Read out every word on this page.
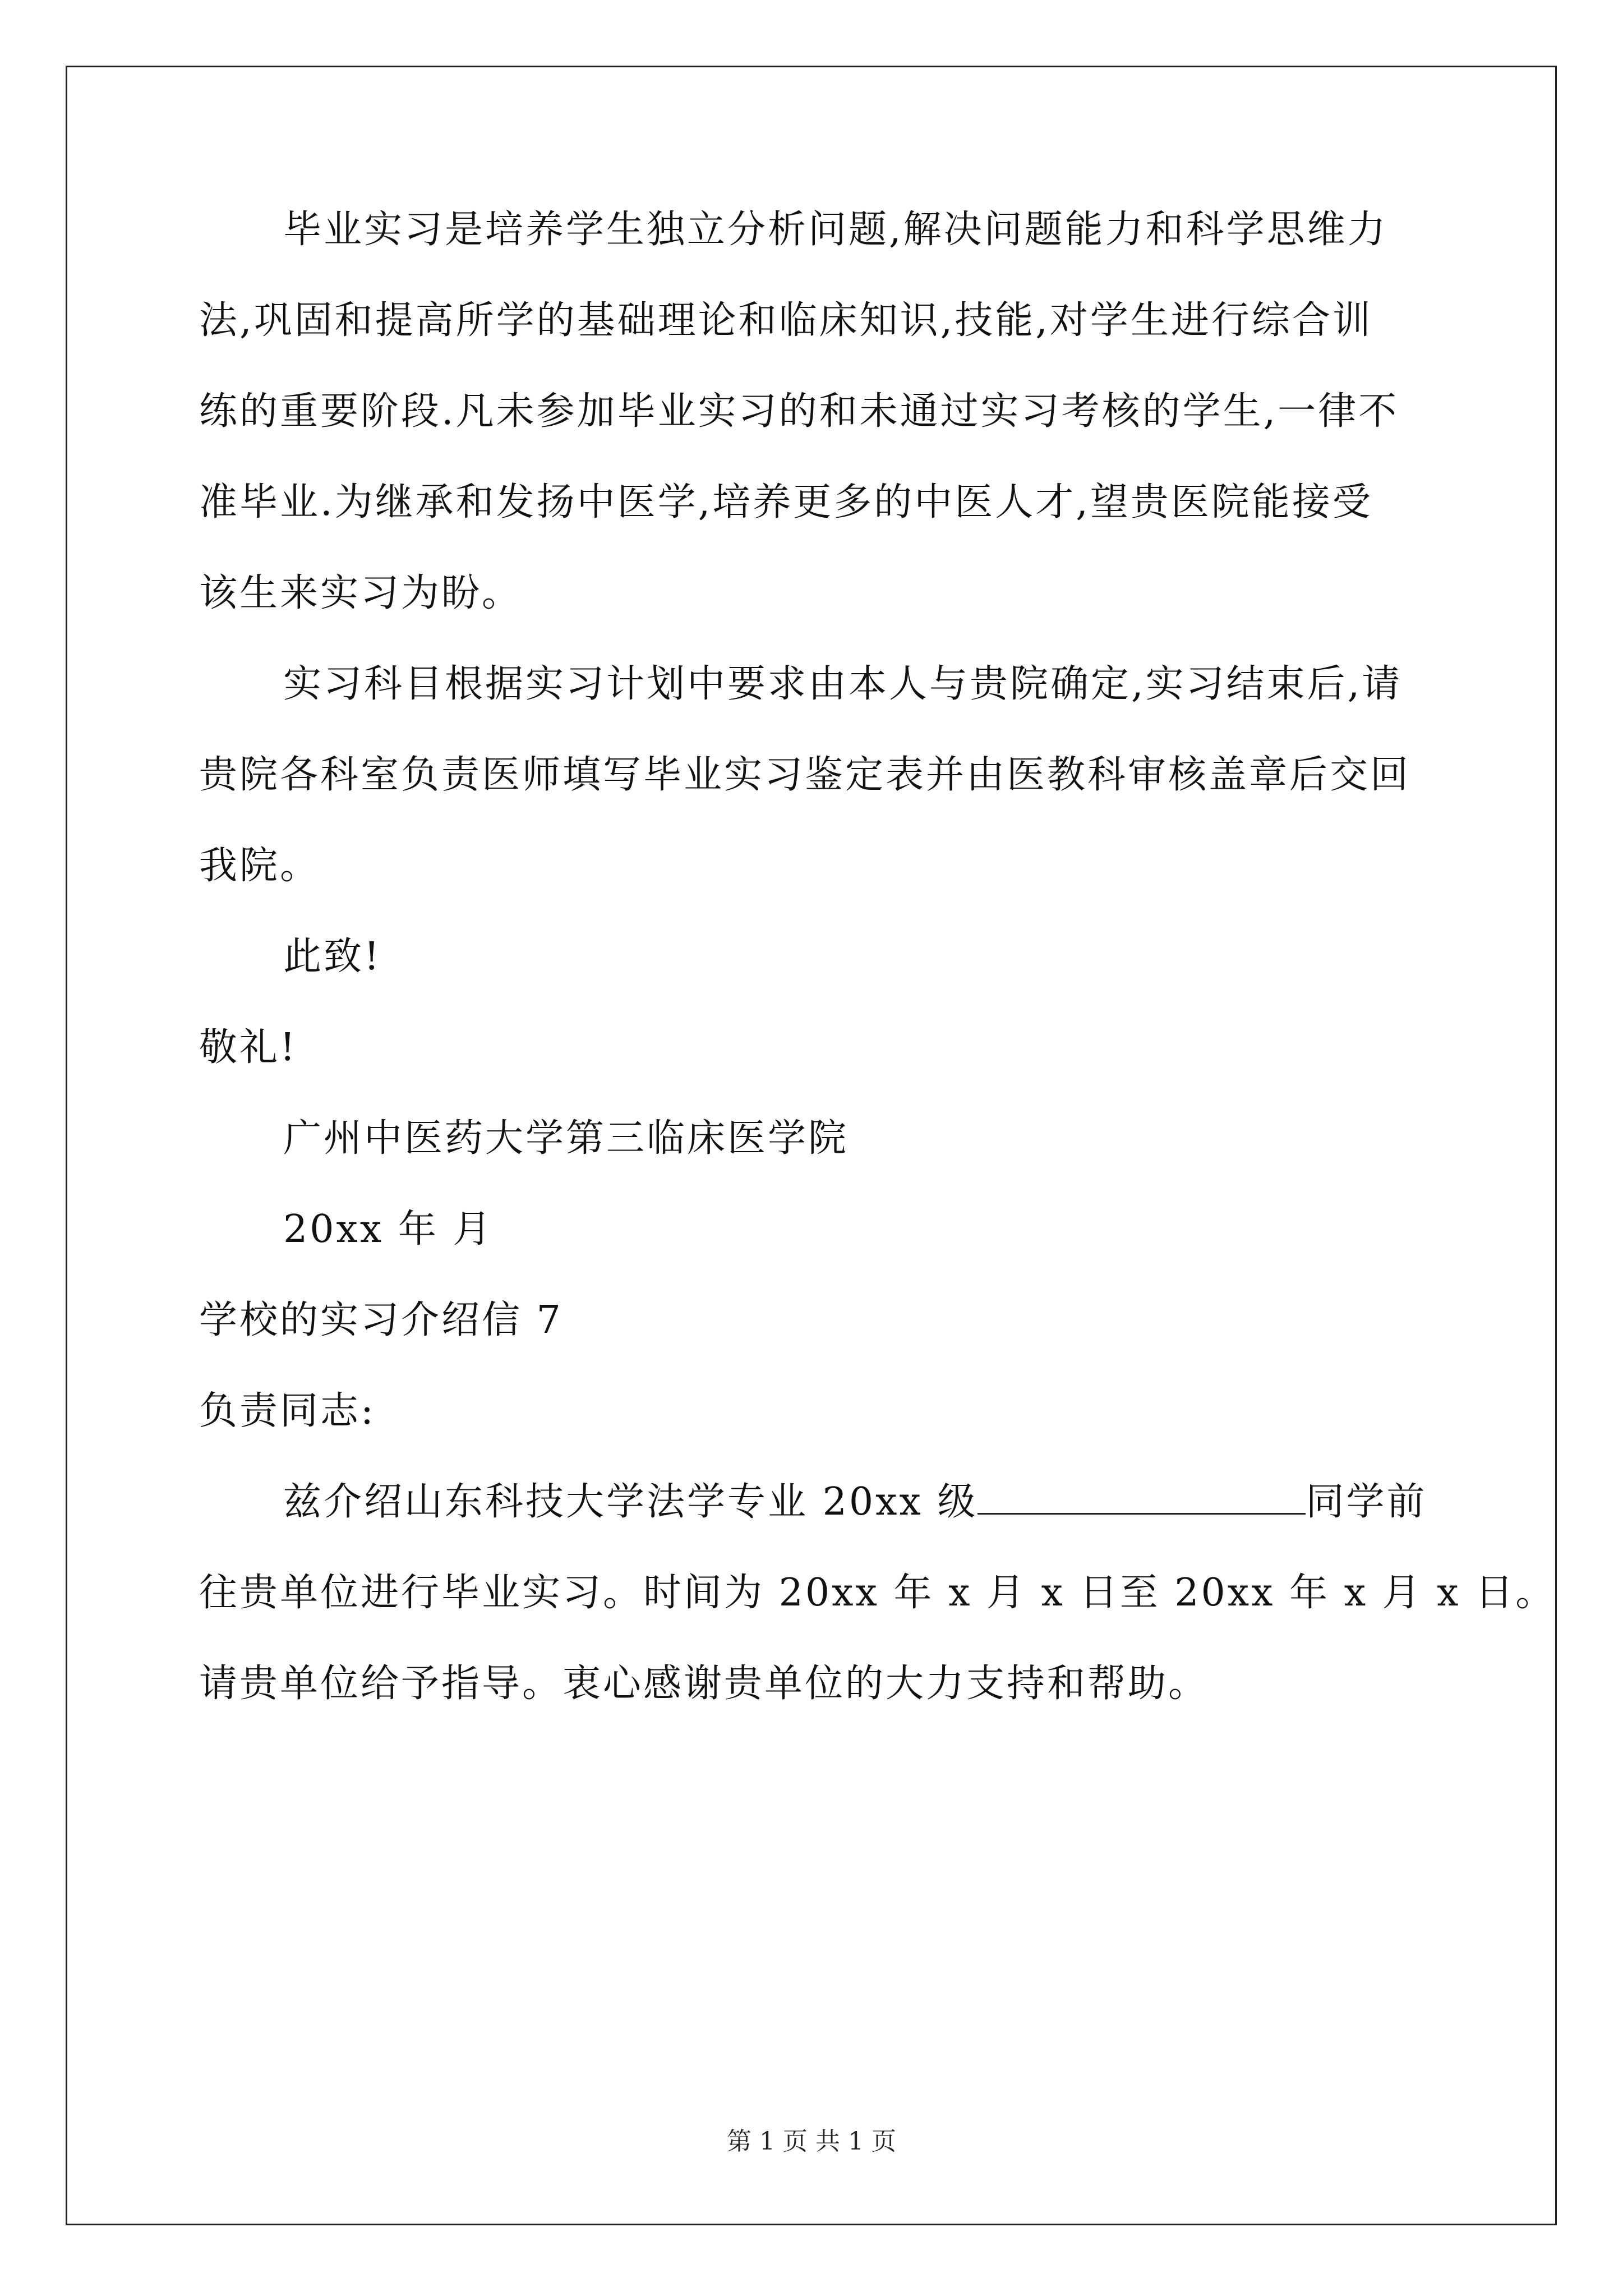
毕业实习是培养学生独立分析问题,解决问题能力和科学思维力
法,巩固和提高所学的基础理论和临床知识,技能,对学生进行综合训
练的重要阶段.凡未参加毕业实习的和未通过实习考核的学生,一律不
准毕业.为继承和发扬中医学,培养更多的中医人才,望贵医院能接受
该生来实习为盼。
实习科目根据实习计划中要求由本人与贵院确定,实习结束后,请
贵院各科室负责医师填写毕业实习鉴定表并由医教科审核盖章后交回
我院。
此致!
敬礼!
广州中医药大学第三临床医学院
20xx 年 月
学校的实习介绍信 7
负责同志:
兹介绍山东科技大学法学专业 20xx 级	同学前
往贵单位进行毕业实习。时间为 20xx 年 x 月 x 日至 20xx 年 x 月 x 日。
请贵单位给予指导。衷心感谢贵单位的大力支持和帮助。
第 1 页 共 1 页
